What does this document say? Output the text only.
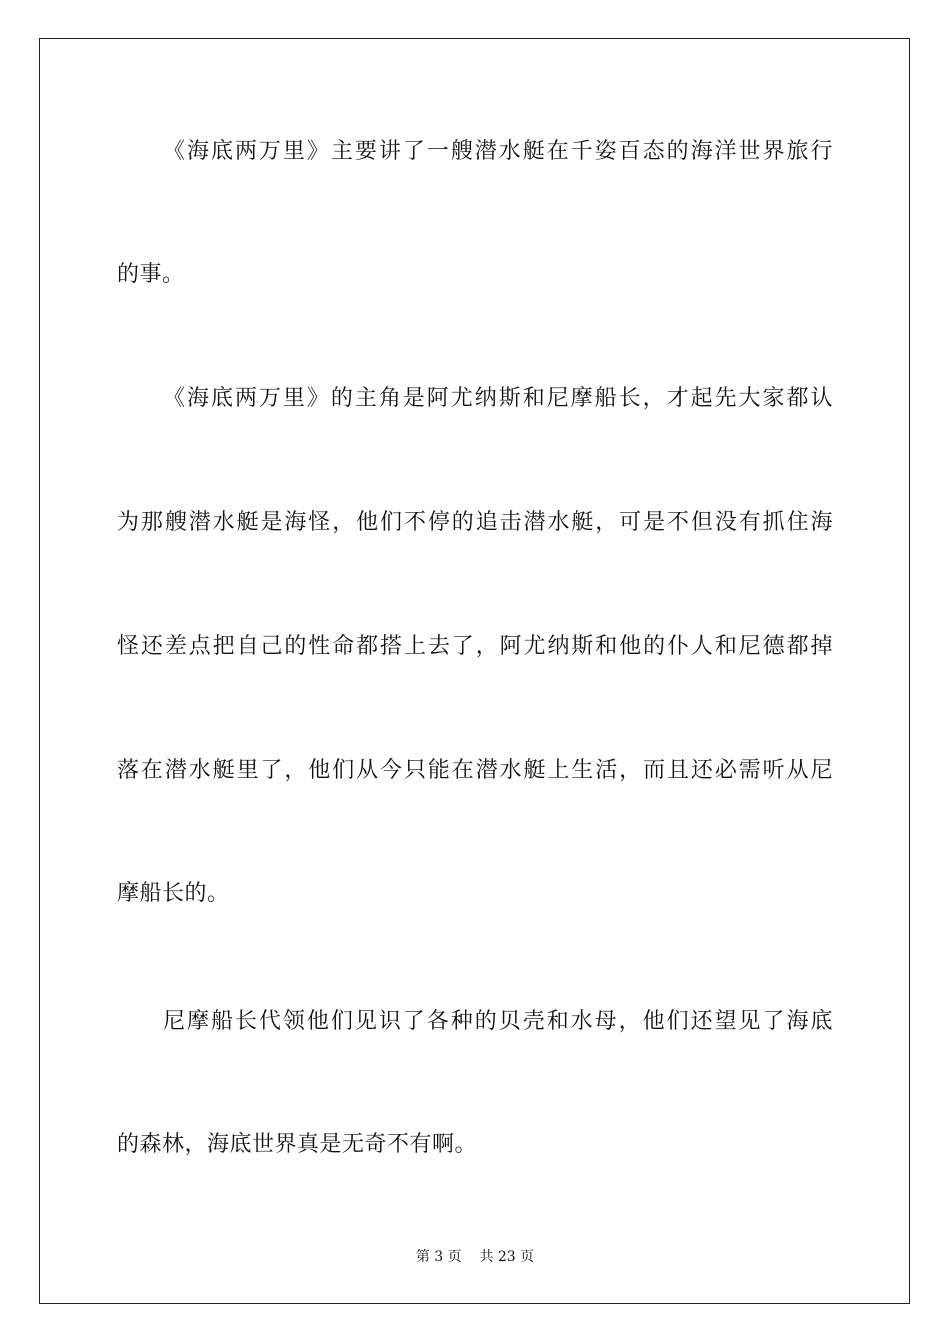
《海底两万里》主要讲了一艘潜水艇在千姿百态的海洋世界旅行
的事。
《海底两万里》的主角是阿尤纳斯和尼摩船长，才起先大家都认
为那艘潜水艇是海怪，他们不停的追击潜水艇，可是不但没有抓住海
怪还差点把自己的性命都搭上去了，阿尤纳斯和他的仆人和尼德都掉
落在潜水艇里了，他们从今只能在潜水艇上生活，而且还必需听从尼
摩船长的。
尼摩船长代领他们见识了各种的贝壳和水母，他们还望见了海底
的森林，海底世界真是无奇不有啊。
第 3 页 共 23 页
